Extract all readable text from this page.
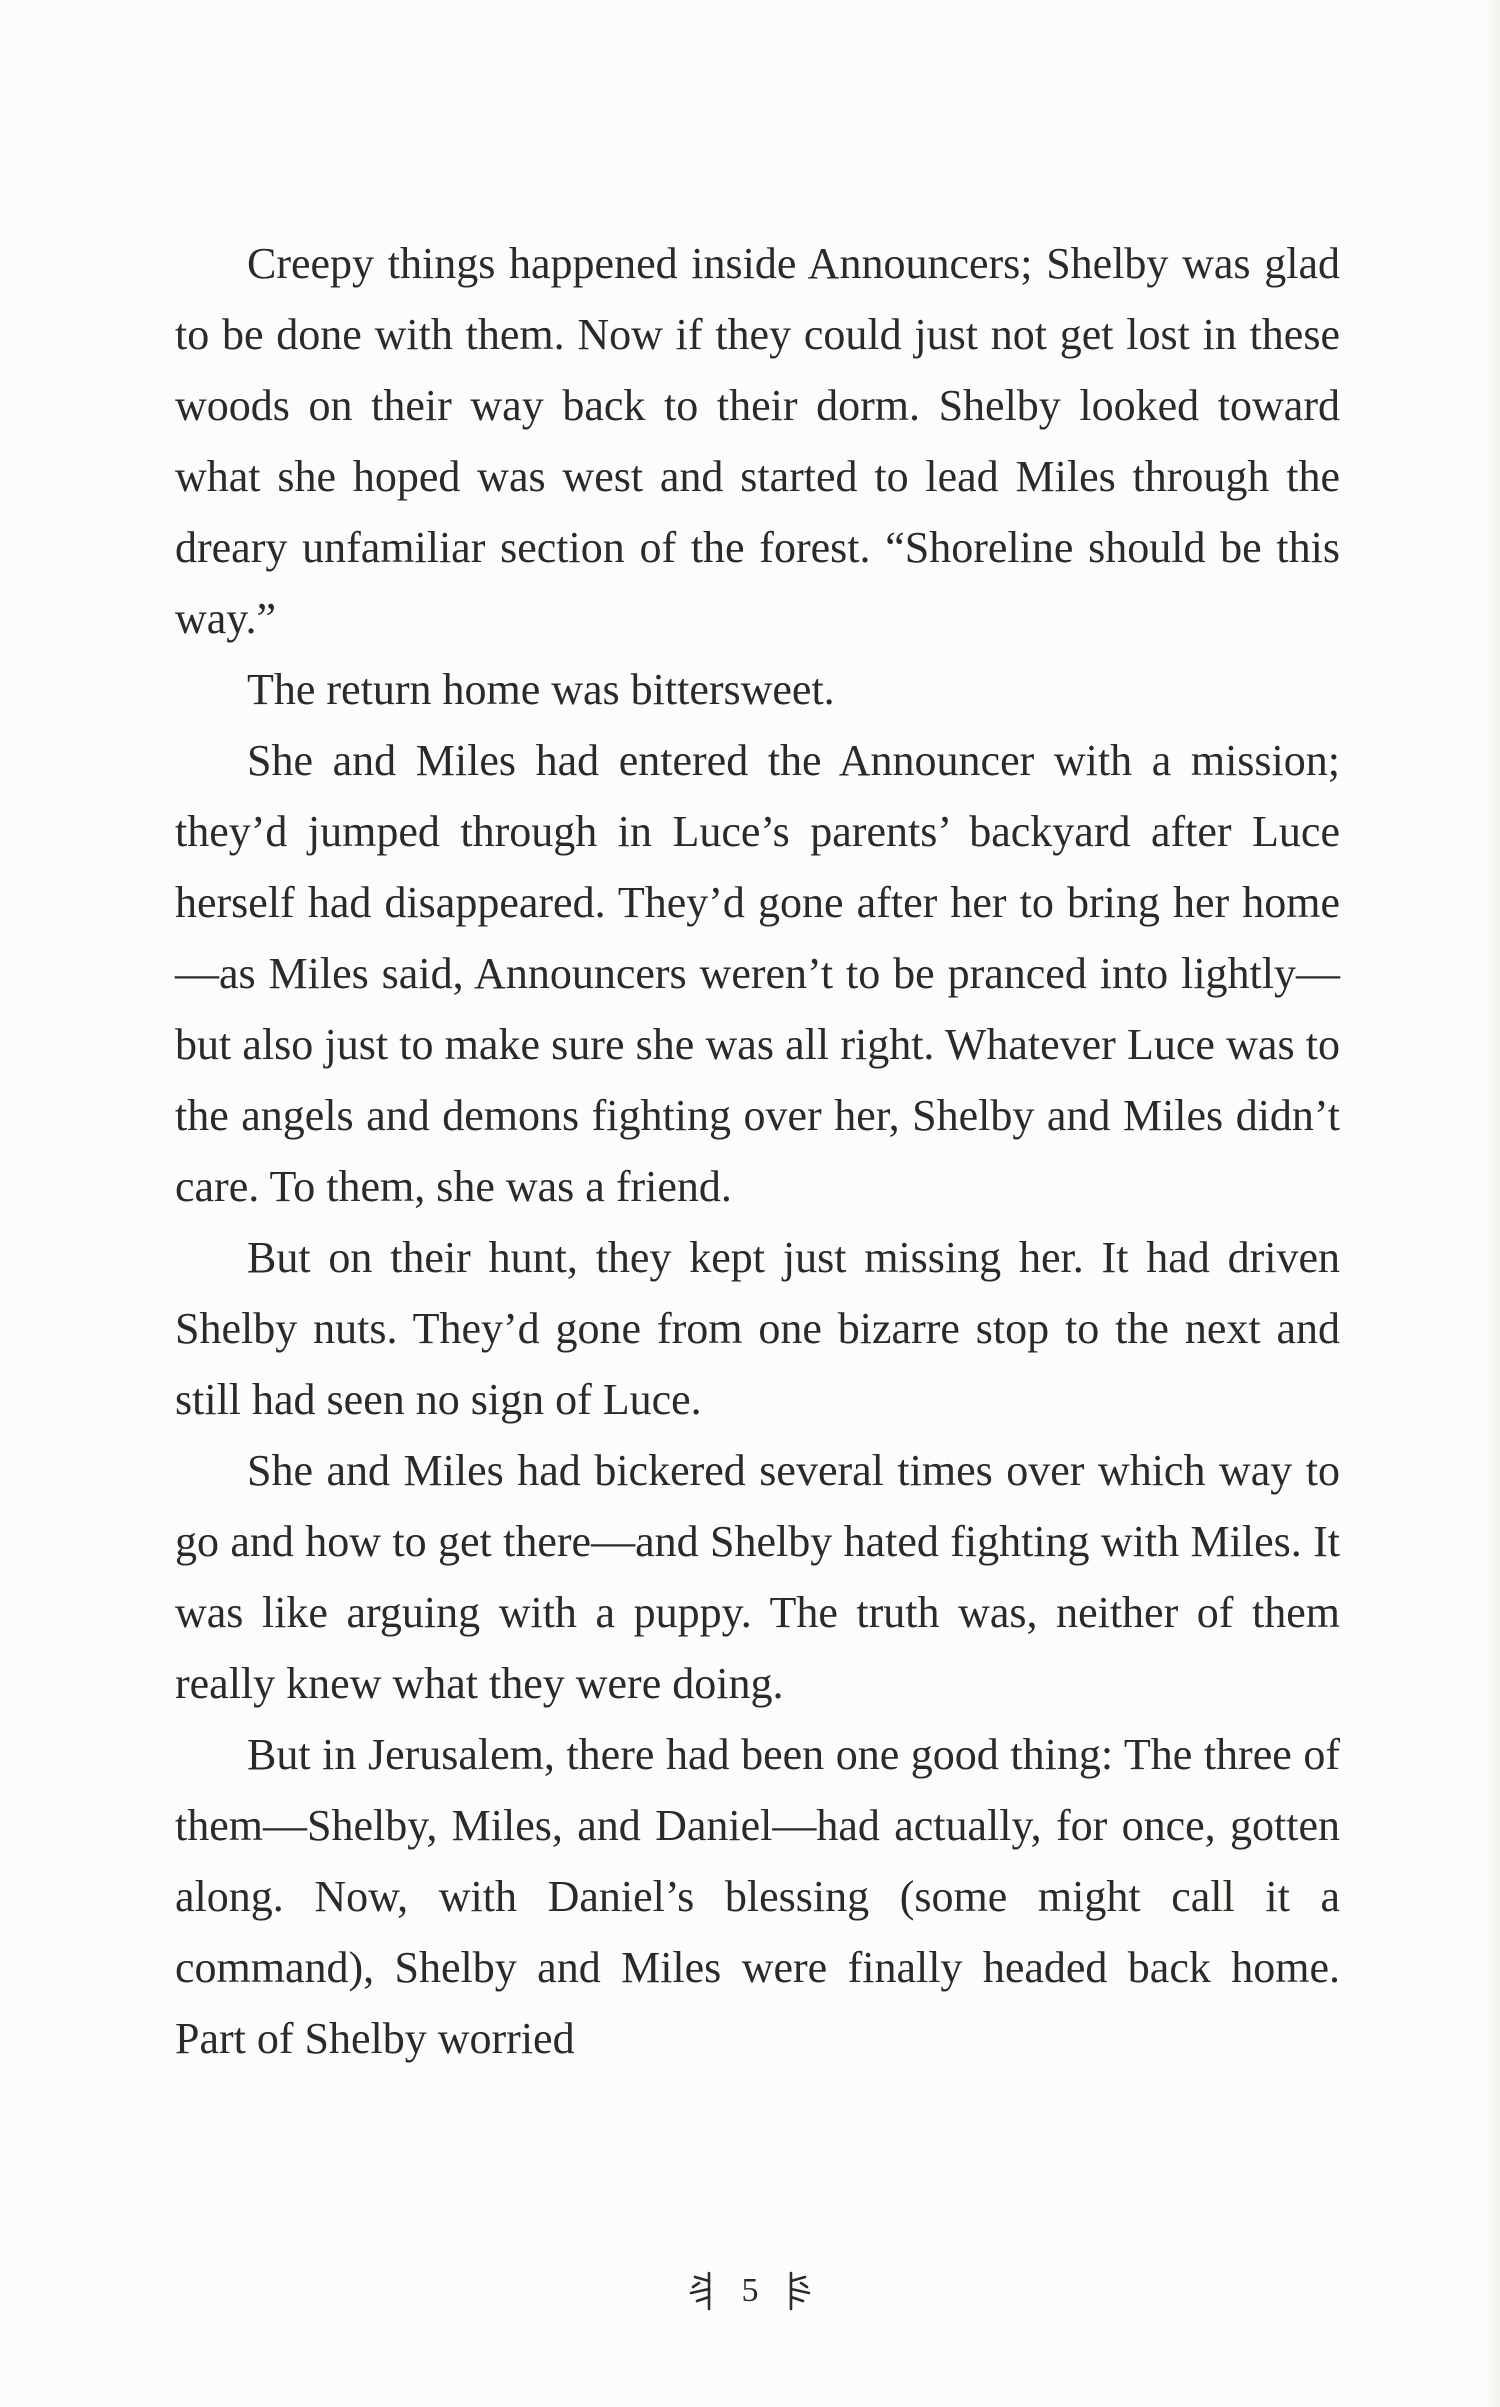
Creepy things happened inside Announcers; Shelby was glad to be done with them. Now if they could just not get lost in these woods on their way back to their dorm. Shelby looked toward what she hoped was west and started to lead Miles through the dreary unfamiliar section of the forest. “Shoreline should be this way.”

The return home was bittersweet.

She and Miles had entered the Announcer with a mission; they’d jumped through in Luce’s parents’ backyard after Luce herself had disappeared. They’d gone after her to bring her home—as Miles said, Announcers weren’t to be pranced into lightly—but also just to make sure she was all right. Whatever Luce was to the angels and demons fighting over her, Shelby and Miles didn’t care. To them, she was a friend.

But on their hunt, they kept just missing her. It had driven Shelby nuts. They’d gone from one bizarre stop to the next and still had seen no sign of Luce.

She and Miles had bickered several times over which way to go and how to get there—and Shelby hated fighting with Miles. It was like arguing with a puppy. The truth was, neither of them really knew what they were doing.

But in Jerusalem, there had been one good thing: The three of them—Shelby, Miles, and Daniel—had actually, for once, gotten along. Now, with Daniel’s blessing (some might call it a command), Shelby and Miles were finally headed back home. Part of Shelby worried

5
